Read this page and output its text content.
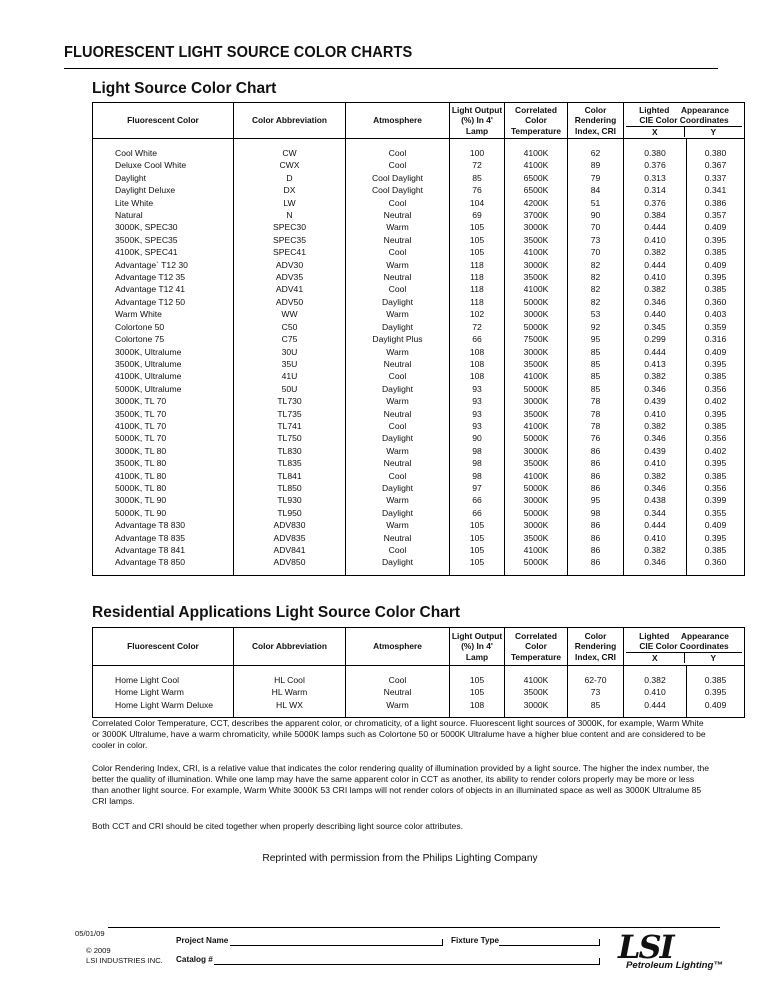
FLUORESCENT LIGHT SOURCE COLOR CHARTS
Light Source Color Chart
Fluorescent Color	Color Abbreviation	Atmosphere	Light Output (%) In 4' Lamp	Correlated Color Temperature	Color Rendering Index, CRI	Lighted Appearance
CIE Color Coordinates
X Y	

Cool White	CW	Cool	100	4100K	62	0.380	0.380
Deluxe Cool White	CWX	Cool	72	4100K	89	0.376	0.367
Daylight	D	Cool Daylight	85	6500K	79	0.313	0.337
Daylight Deluxe	DX	Cool Daylight	76	6500K	84	0.314	0.341
Lite White	LW	Cool	104	4200K	51	0.376	0.386
Natural	N	Neutral	69	3700K	90	0.384	0.357
3000K, SPEC30	SPEC30	Warm	105	3000K	70	0.444	0.409
3500K, SPEC35	SPEC35	Neutral	105	3500K	73	0.410	0.395
4100K, SPEC41	SPEC41	Cool	105	4100K	70	0.382	0.385
Advantage` T12 30	ADV30	Warm	118	3000K	82	0.444	0.409
Advantage T12 35	ADV35	Neutral	118	3500K	82	0.410	0.395
Advantage T12 41	ADV41	Cool	118	4100K	82	0.382	0.385
Advantage T12 50	ADV50	Daylight	118	5000K	82	0.346	0.360
Warm White	WW	Warm	102	3000K	53	0.440	0.403
Colortone 50	C50	Daylight	72	5000K	92	0.345	0.359
Colortone 75	C75	Daylight Plus	66	7500K	95	0.299	0.316
3000K, Ultralume	30U	Warm	108	3000K	85	0.444	0.409
3500K, Ultralume	35U	Neutral	108	3500K	85	0.413	0.395
4100K, Ultralume	41U	Cool	108	4100K	85	0.382	0.385
5000K, Ultralume	50U	Daylight	93	5000K	85	0.346	0.356
3000K, TL 70	TL730	Warm	93	3000K	78	0.439	0.402
3500K, TL 70	TL735	Neutral	93	3500K	78	0.410	0.395
4100K, TL 70	TL741	Cool	93	4100K	78	0.382	0.385
5000K, TL 70	TL750	Daylight	90	5000K	76	0.346	0.356
3000K, TL 80	TL830	Warm	98	3000K	86	0.439	0.402
3500K, TL 80	TL835	Neutral	98	3500K	86	0.410	0.395
4100K, TL 80	TL841	Cool	98	4100K	86	0.382	0.385
5000K, TL 80	TL850	Daylight	97	5000K	86	0.346	0.356
3000K, TL 90	TL930	Warm	66	3000K	95	0.438	0.399
5000K, TL 90	TL950	Daylight	66	5000K	98	0.344	0.355
Advantage T8 830	ADV830	Warm	105	3000K	86	0.444	0.409
Advantage T8 835	ADV835	Neutral	105	3500K	86	0.410	0.395
Advantage T8 841	ADV841	Cool	105	4100K	86	0.382	0.385
Advantage T8 850	ADV850	Daylight	105	5000K	86	0.346	0.360

Residential Applications Light Source Color Chart
Fluorescent Color	Color Abbreviation	Atmosphere	Light Output (%) In 4' Lamp	Correlated Color Temperature	Color Rendering Index, CRI	Lighted Appearance
CIE Color Coordinates
X Y	

Home Light Cool	HL Cool	Cool	105	4100K	62-70	0.382	0.385
Home Light Warm	HL Warm	Neutral	105	3500K	73	0.410	0.395
Home Light Warm Deluxe	HL WX	Warm	108	3000K	85	0.444	0.409

Correlated Color Temperature, CCT, describes the apparent color, or chromaticity, of a light source. Fluorescent light sources of 3000K, for example, Warm White or 3000K Ultralume, have a warm chromaticity, while 5000K lamps such as Colortone 50 or 5000K Ultralume have a higher blue content and are considered to be cooler in color.
Color Rendering Index, CRI, is a relative value that indicates the color rendering quality of illumination provided by a light source. The higher the index number, the better the quality of illumination. While one lamp may have the same apparent color in CCT as another, its ability to render colors properly may be more or less than another light source. For example, Warm White 3000K 53 CRI lamps will not render colors of objects in an illuminated space as well as 3000K Ultralume 85 CRI lamps.
Both CCT and CRI should be cited together when properly describing light source color attributes.
Reprinted with permission from the Philips Lighting Company
05/01/09
© 2009
LSI INDUSTRIES INC.
Project Name	Fixture Type
Catalog #	LSI
Petroleum Lighting™
